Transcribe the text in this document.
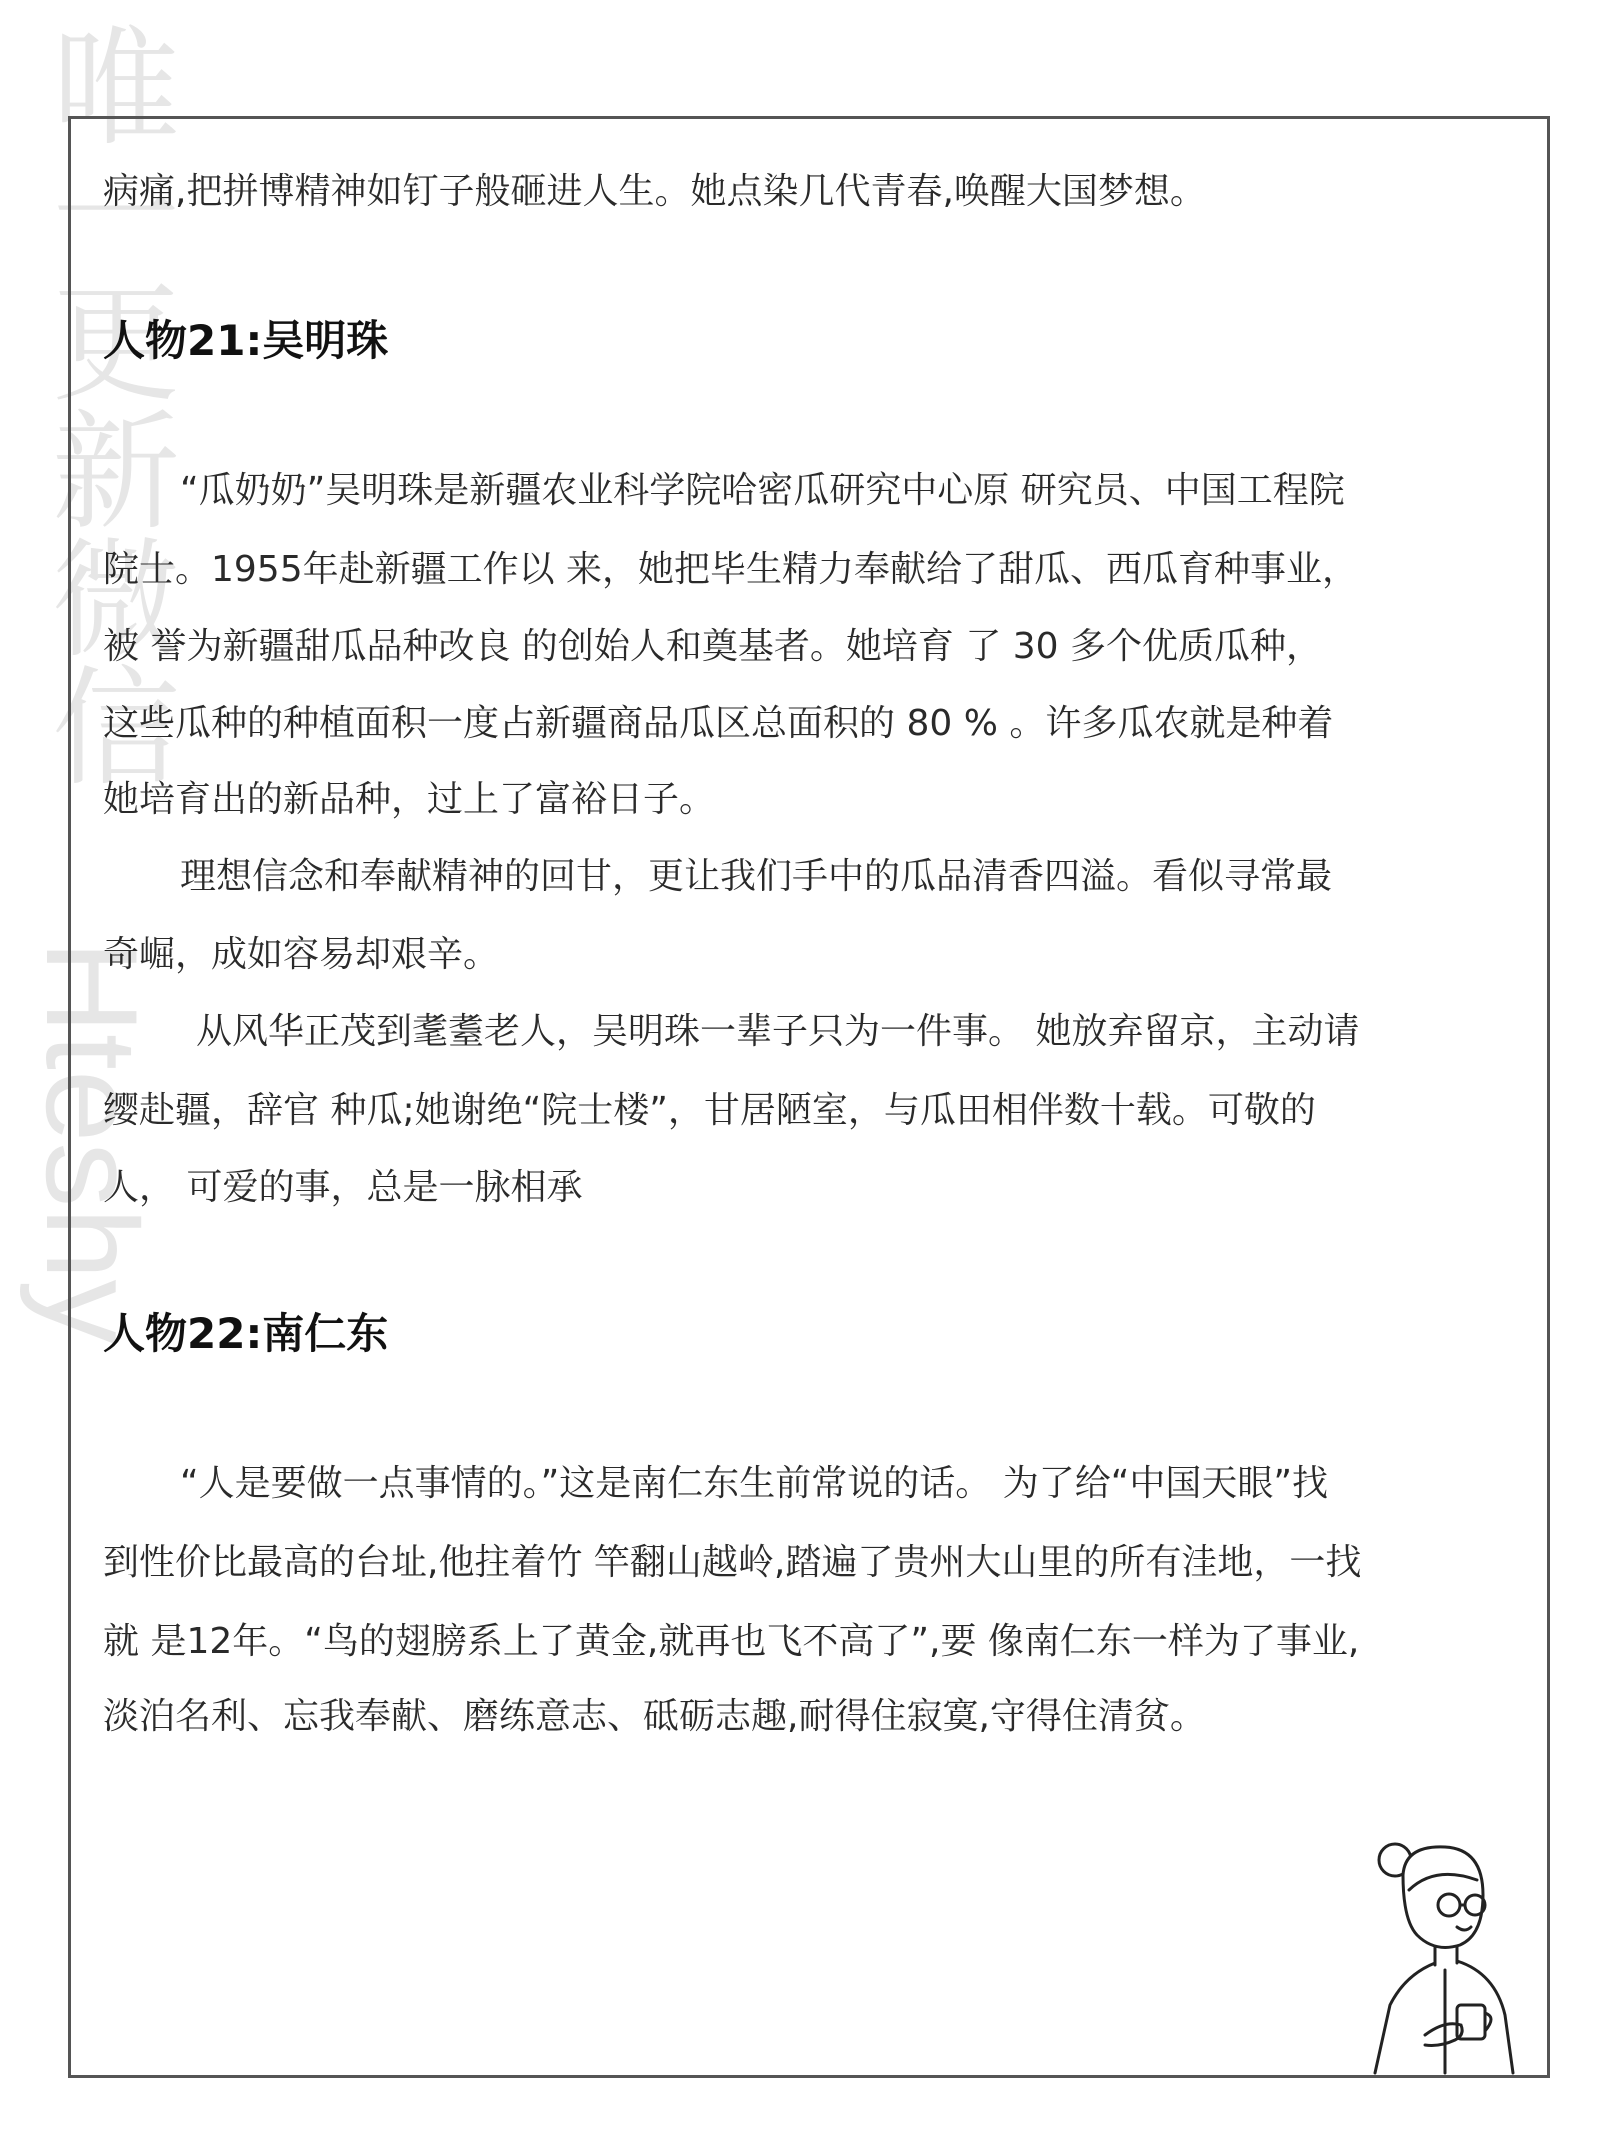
唯一更新微信
Hteshy
病痛,把拼博精神如钉子般砸进人生。她点染几代青春,唤醒大国梦想。
人物21:吴明珠
“瓜奶奶”吴明珠是新疆农业科学院哈密瓜研究中心原 研究员、中国工程院
院士。1955年赴新疆工作以 来，她把毕生精力奉献给了甜瓜、西瓜育种事业，
被 誉为新疆甜瓜品种改良 的创始人和奠基者。她培育 了 30 多个优质瓜种，
这些瓜种的种植面积一度占新疆商品瓜区总面积的 80 % 。许多瓜农就是种着
她培育出的新品种，过上了富裕日子。
理想信念和奉献精神的回甘，更让我们手中的瓜品清香四溢。看似寻常最
奇崛，成如容易却艰辛。
从风华正茂到耄耋老人，吴明珠一辈子只为一件事。 她放弃留京，主动请
缨赴疆，辞官 种瓜;她谢绝“院士楼”，甘居陋室，与瓜田相伴数十载。可敬的
人， 可爱的事，总是一脉相承
人物22:南仁东
“人是要做一点事情的。”这是南仁东生前常说的话。 为了给“中国天眼”找
到性价比最高的台址,他拄着竹 竿翻山越岭,踏遍了贵州大山里的所有洼地，一找
就 是12年。“鸟的翅膀系上了黄金,就再也飞不高了”,要 像南仁东一样为了事业,
淡泊名利、忘我奉献、磨练意志、砥砺志趣,耐得住寂寞,守得住清贫。
